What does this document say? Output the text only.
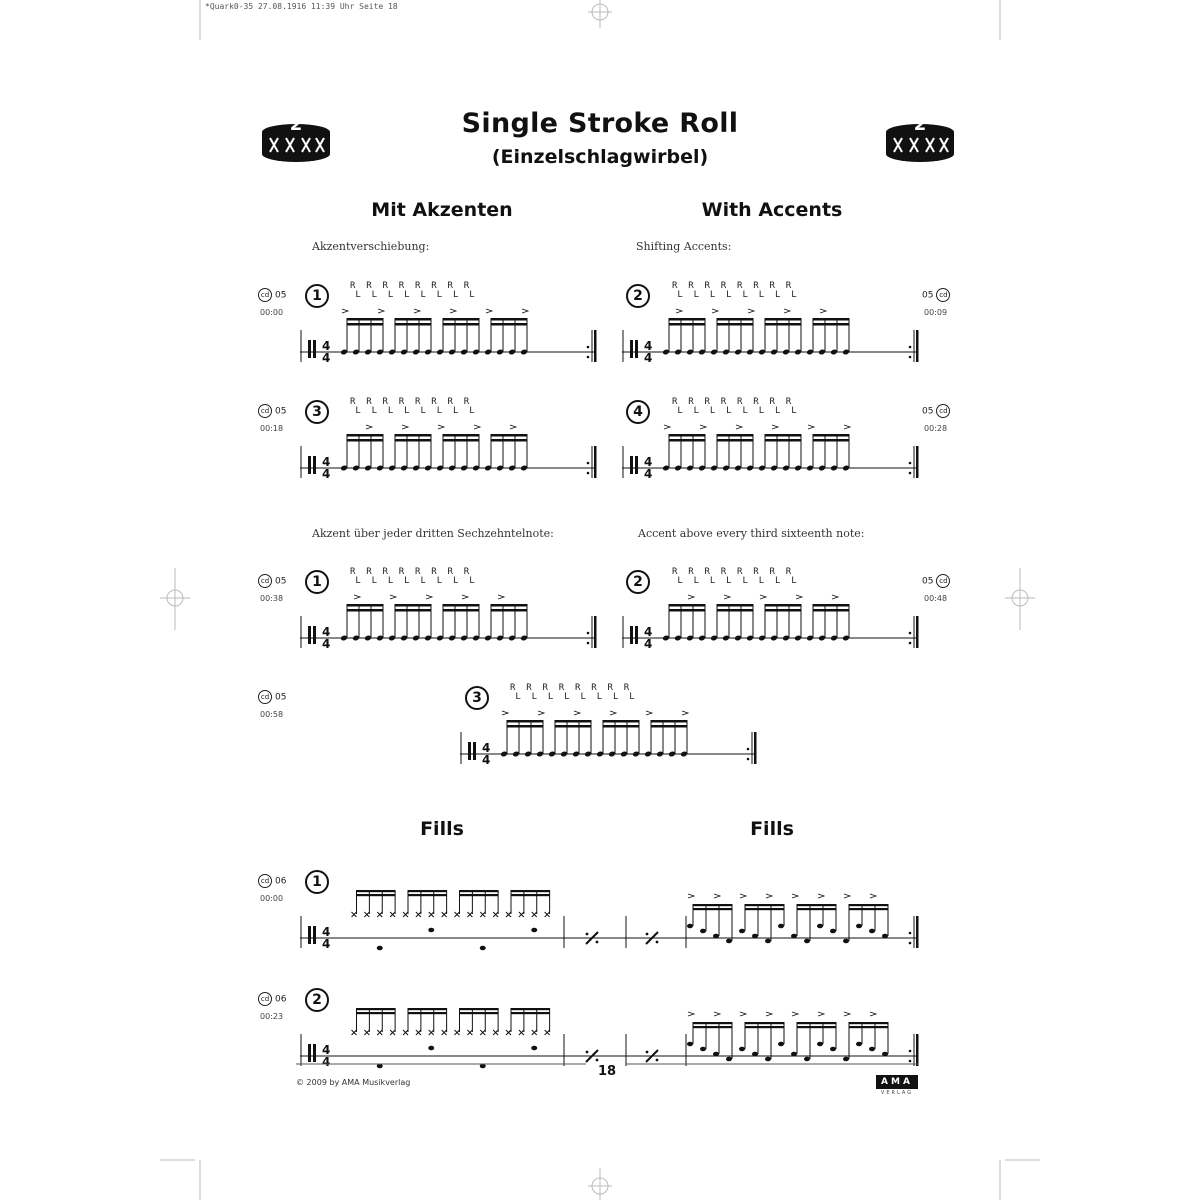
*Quark0-35 27.08.1916 11:39 Uhr Seite 18
2	2
Single Stroke Roll
(Einzelschlagwirbel)
Mit Akzenten	With Accents
Akzentverschiebung:	Shifting Accents:
Akzent über jeder dritten Sechzehntelnote:	Accent above every third sixteenth note:
cd 05
00:00
1
R  R  R  R  R  R  R  R
L  L  L  L  L  L  L  L
4
4
05 cd
00:09
2
R  R  R  R  R  R  R  R
L  L  L  L  L  L  L  L
4
4
cd 05
00:18
3
R  R  R  R  R  R  R  R
L  L  L  L  L  L  L  L
4
4
05 cd
00:28
4
R  R  R  R  R  R  R  R
L  L  L  L  L  L  L  L
4
4
cd 05
00:38
1
R  R  R  R  R  R  R  R
L  L  L  L  L  L  L  L
4
4
05 cd
00:48
2
R  R  R  R  R  R  R  R
L  L  L  L  L  L  L  L
4
4
cd 05
00:58
3
R  R  R  R  R  R  R  R
L  L  L  L  L  L  L  L
4
4
cd 06
00:00
1
4
4
cd 06
00:23
2
4
4
Fills	Fills
18
© 2009 by AMA Musikverlag	AMA
VERLAG
